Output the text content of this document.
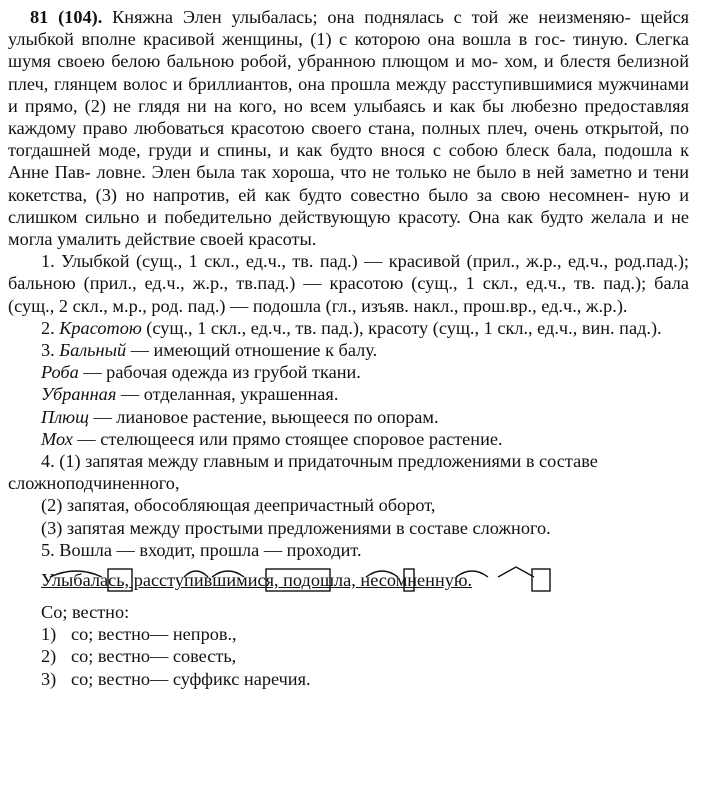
81 (104). Княжна Элен улыбалась; она поднялась с той же неизменяю- щейся улыбкой вполне красивой женщины, (1) с которою она вошла в гос- тиную. Слегка шумя своею белою бальною робой, убранною плющом и мо- хом, и блестя белизной плеч, глянцем волос и бриллиантов, она прошла между расступившимися мужчинами и прямо, (2) не глядя ни на кого, но всем улыбаясь и как бы любезно предоставляя каждому право любоваться красотою своего стана, полных плеч, очень открытой, по тогдашней моде, груди и спины, и как будто внося с собою блеск бала, подошла к Анне Пав- ловне. Элен была так хороша, что не только не было в ней заметно и тени кокетства, (3) но напротив, ей как будто совестно было за свою несомнен- ную и слишком сильно и победительно действующую красоту. Она как будто желала и не могла умалить действие своей красоты.
1. Улыбкой (сущ., 1 скл., ед.ч., тв. пад.) — красивой (прил., ж.р., ед.ч., род.пад.); бальною (прил., ед.ч., ж.р., тв.пад.) — красотою (сущ., 1 скл., ед.ч., тв. пад.); бала (сущ., 2 скл., м.р., род. пад.) — подошла (гл., изъяв. накл., прош.вр., ед.ч., ж.р.).
2. Красотою (сущ., 1 скл., ед.ч., тв. пад.), красоту (сущ., 1 скл., ед.ч., вин. пад.).

3. Бальный — имеющий отношение к балу.

Роба — рабочая одежда из грубой ткани.

Убранная — отделанная, украшенная.

Плющ — лиановое растение, вьющееся по опорам.

Мох — стелющееся или прямо стоящее споровое растение.

4. (1) запятая между главным и придаточным предложениями в составе

сложноподчиненного,

(2) запятая, обособляющая деепричастный оборот,

(3) запятая между простыми предложениями в составе сложного.

5. Вошла — входит, прошла — проходит.

Улыбалась, расступившимися, подошла, несомненную.
Со; вестно:
1) со; вестно — непров.,
2) со; вестно — совесть,
3) со; вестно — суффикс наречия.
